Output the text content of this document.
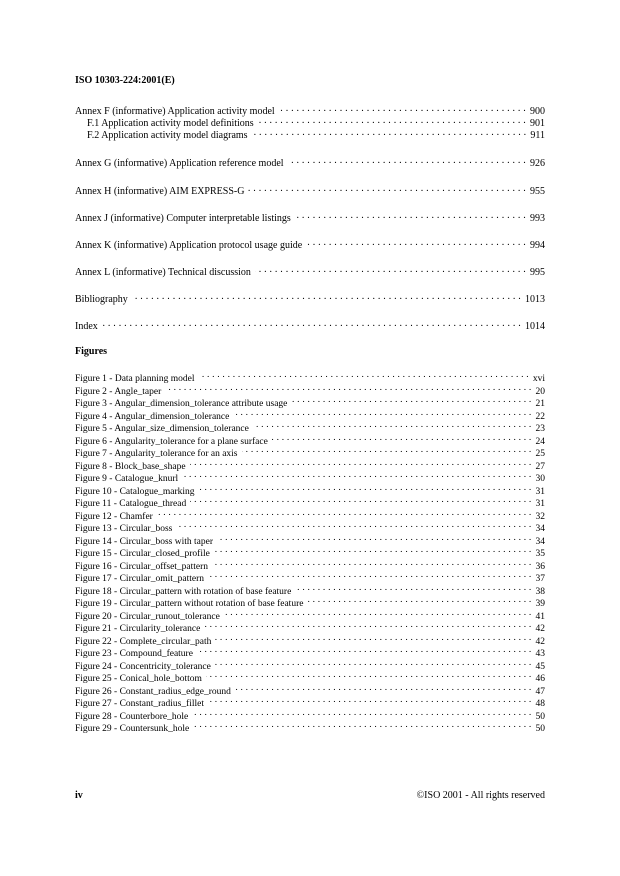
ISO 10303-224:2001(E)
Annex F (informative) Application activity model . . .	900
F.1 Application activity model definitions . . .	901
F.2 Application activity model diagrams . . .	911
Annex G (informative) Application reference model . . .	926
Annex H (informative) AIM EXPRESS-G . . .	955
Annex J (informative) Computer interpretable listings . . .	993
Annex K (informative) Application protocol usage guide . . .	994
Annex L (informative) Technical discussion . . .	995
Bibliography . . .	1013
Index . . .	1014
Figures
Figure 1 - Data planning model . . .	xvi
Figure 2 - Angle_taper . . .	20
Figure 3 - Angular_dimension_tolerance attribute usage . . .	21
Figure 4 - Angular_dimension_tolerance . . .	22
Figure 5 - Angular_size_dimension_tolerance . . .	23
Figure 6 - Angularity_tolerance for a plane surface . . .	24
Figure 7 - Angularity_tolerance for an axis . . .	25
Figure 8 - Block_base_shape . . .	27
Figure 9 - Catalogue_knurl . . .	30
Figure 10 - Catalogue_marking . . .	31
Figure 11 - Catalogue_thread . . .	31
Figure 12 - Chamfer . . .	32
Figure 13 - Circular_boss . . .	34
Figure 14 - Circular_boss with taper . . .	34
Figure 15 - Circular_closed_profile . . .	35
Figure 16 - Circular_offset_pattern . . .	36
Figure 17 - Circular_omit_pattern . . .	37
Figure 18 - Circular_pattern with rotation of base feature . . .	38
Figure 19 - Circular_pattern without rotation of base feature . . .	39
Figure 20 - Circular_runout_tolerance . . .	41
Figure 21 - Circularity_tolerance . . .	42
Figure 22 - Complete_circular_path . . .	42
Figure 23 - Compound_feature . . .	43
Figure 24 - Concentricity_tolerance . . .	45
Figure 25 - Conical_hole_bottom . . .	46
Figure 26 - Constant_radius_edge_round . . .	47
Figure 27 - Constant_radius_fillet . . .	48
Figure 28 - Counterbore_hole . . .	50
Figure 29 - Countersunk_hole . . .	50
iv	©ISO 2001 - All rights reserved
